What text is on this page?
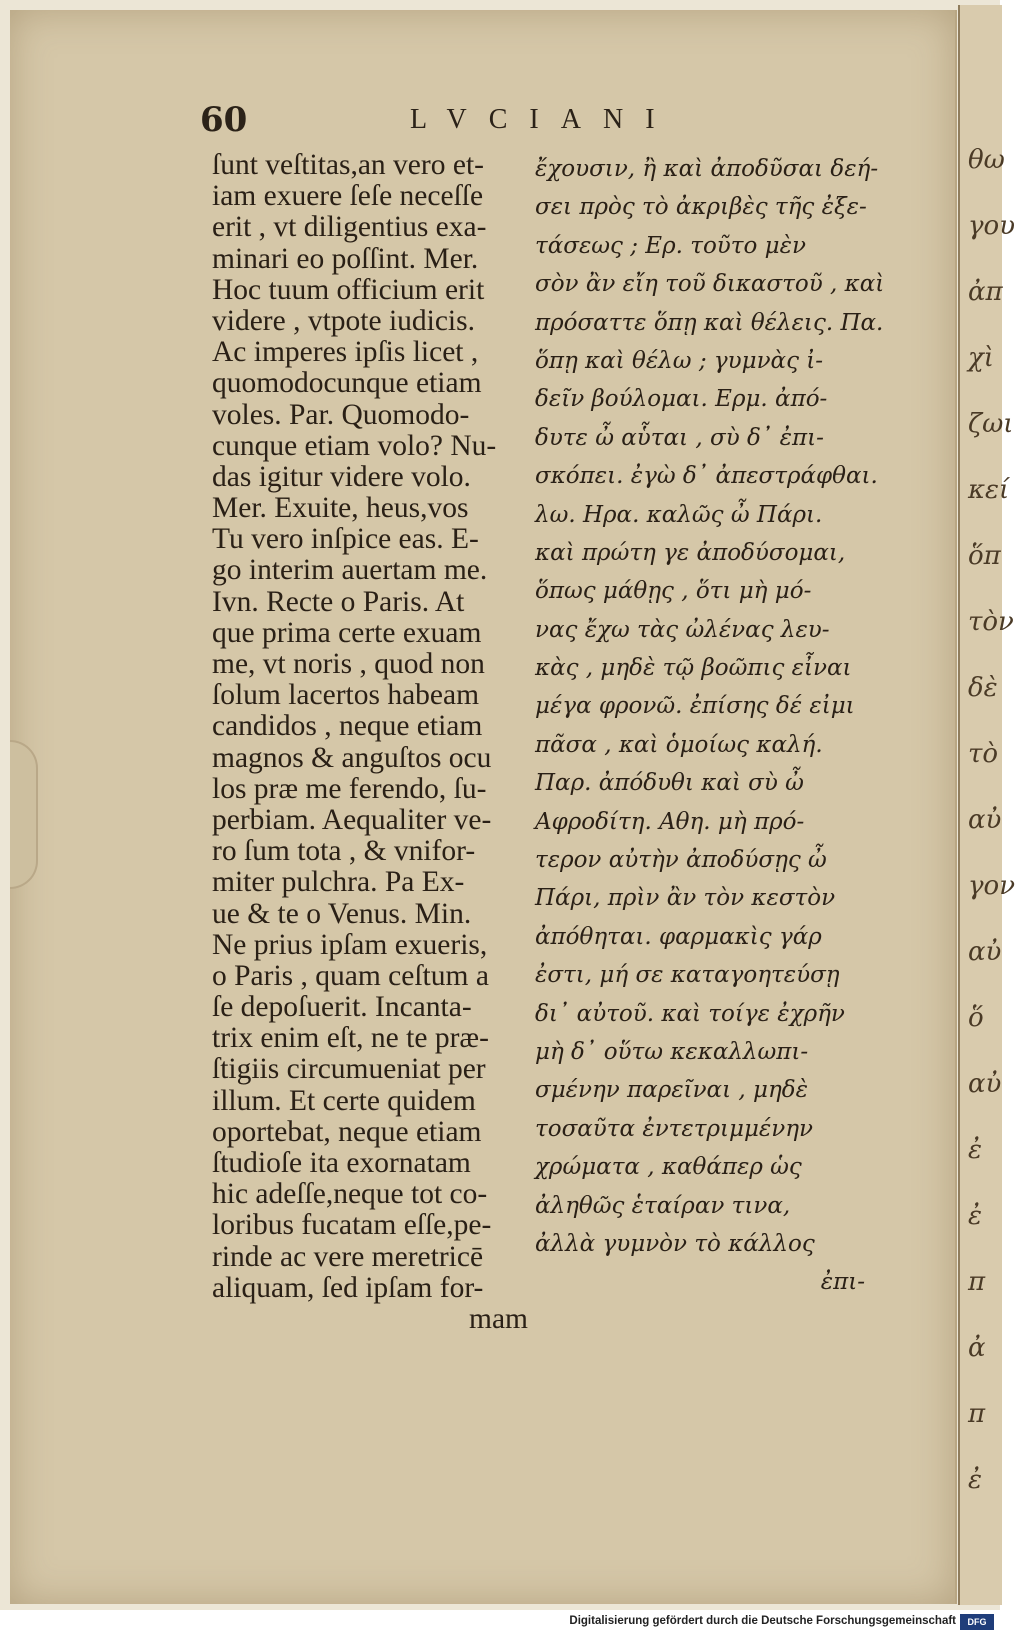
θω
γου
ἀπ
χὶ
ζωι
κεί
ὅπ
τὸν
δὲ
τὸ
αὐ
γον
αὐ
ὅ
αὐ
ἐ
ἐ
π
ἀ
π
ἐ
60	LVCIANI
ſunt veſtitas,an vero et-
iam exuere ſeſe neceſſe
erit , vt diligentius exa-
minari eo poſſint. Mer.
Hoc tuum officium erit
videre , vtpote iudicis.
Ac imperes ipſis licet ,
quomodocunque etiam
voles. Par. Quomodo-
cunque etiam volo? Nu-
das igitur videre volo.
Mer. Exuite, heus,vos
Tu vero inſpice eas. E-
go interim auertam me.
Ivn. Recte o Paris. At
que prima certe exuam
me, vt noris , quod non
ſolum lacertos habeam
candidos , neque etiam
magnos & anguſtos ocu
los præ me ferendo, ſu-
perbiam. Aequaliter ve-
ro ſum tota , & vnifor-
miter pulchra. Pa Ex-
ue & te o Venus. Min.
Ne prius ipſam exueris,
o Paris , quam ceſtum a
ſe depoſuerit. Incanta-
trix enim eſt, ne te præ-
ſtigiis circumueniat per
illum. Et certe quidem
oportebat, neque etiam
ſtudioſe ita exornatam
hic adeſſe,neque tot co-
loribus fucatam eſſe,pe-
rinde ac vere meretricē
aliquam, ſed ipſam for-
mam
ἔχουσιν, ἢ καὶ ἀποδῦσαι δεή-
σει πρὸς τὸ ἀκριβὲς τῆς ἐξε-
τάσεως ; Ερ. τοῦτο μὲν
σὸν ἂν εἴη τοῦ δικαστοῦ , καὶ
πρόσαττε ὅπῃ καὶ θέλεις. Πα.
ὅπῃ καὶ θέλω ; γυμνὰς ἰ-
δεῖν βούλομαι. Ερμ. ἀπό-
δυτε ὦ αὗται , σὺ δ᾽ ἐπι-
σκόπει. ἐγὼ δ᾽ ἀπεστράφθαι.
λω. Ηρα. καλῶς ὦ Πάρι.
καὶ πρώτη γε ἀποδύσομαι,
ὅπως μάθῃς , ὅτι μὴ μό-
νας ἔχω τὰς ὠλένας λευ-
κὰς , μηδὲ τῷ βοῶπις εἶναι
μέγα φρονῶ. ἐπίσης δέ εἰμι
πᾶσα , καὶ ὁμοίως καλή.
Παρ. ἀπόδυθι καὶ σὺ ὦ
Αφροδίτη. Αθη. μὴ πρό-
τερον αὐτὴν ἀποδύσῃς ὦ
Πάρι, πρὶν ἂν τὸν κεστὸν
ἀπόθηται. φαρμακὶς γάρ
ἐστι, μή σε καταγοητεύσῃ
δι᾽ αὐτοῦ. καὶ τοίγε ἐχρῆν
μὴ δ᾽ οὕτω κεκαλλωπι-
σμένην παρεῖναι , μηδὲ
τοσαῦτα ἐντετριμμένην
χρώματα , καθάπερ ὡς
ἀληθῶς ἑταίραν τινα,
ἀλλὰ γυμνὸν τὸ κάλλος
ἐπι-
Digitalisierung gefördert durch die Deutsche Forschungsgemeinschaft	DFG
